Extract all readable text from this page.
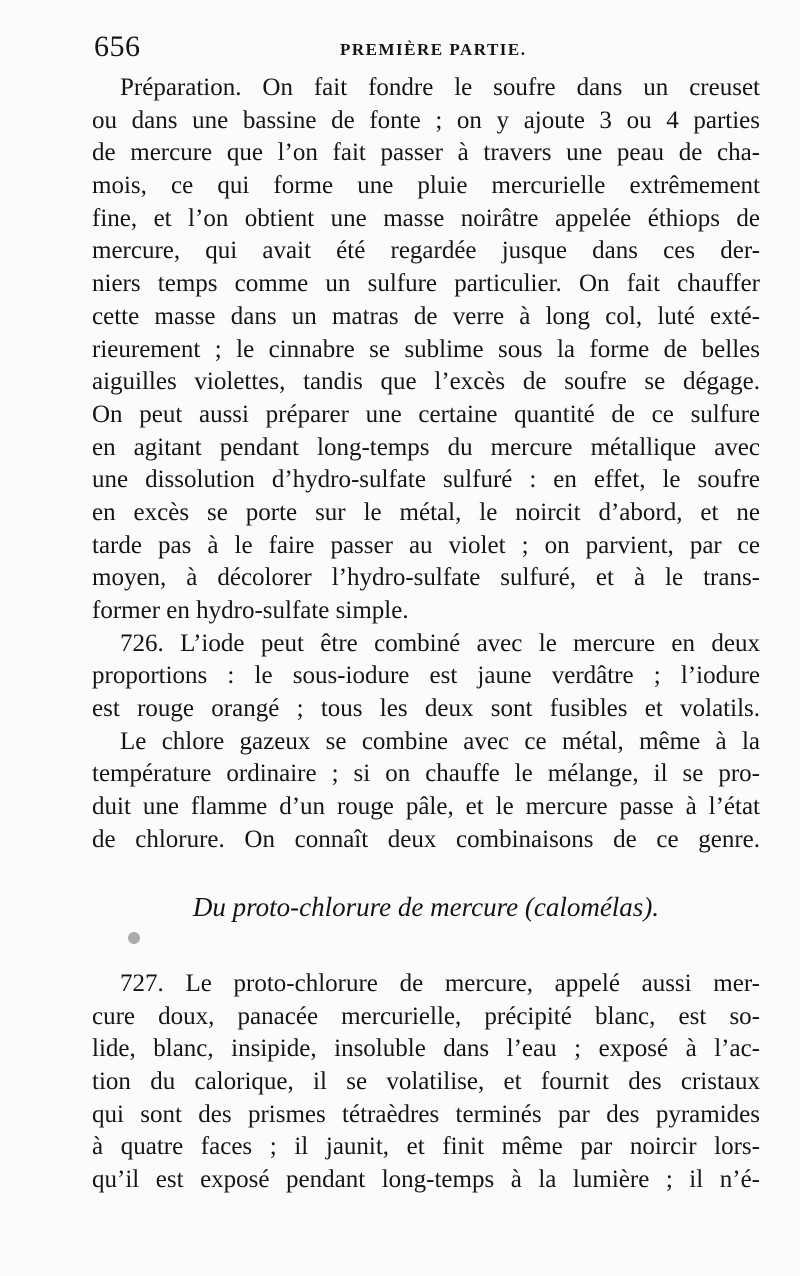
656	PREMIÈRE PARTIE.
Préparation. On fait fondre le soufre dans un creuset
ou dans une bassine de fonte ; on y ajoute 3 ou 4 parties
de mercure que l’on fait passer à travers une peau de cha-
mois, ce qui forme une pluie mercurielle extrêmement
fine, et l’on obtient une masse noirâtre appelée éthiops de
mercure, qui avait été regardée jusque dans ces der-
niers temps comme un sulfure particulier. On fait chauffer
cette masse dans un matras de verre à long col, luté exté-
rieurement ; le cinnabre se sublime sous la forme de belles
aiguilles violettes, tandis que l’excès de soufre se dégage.
On peut aussi préparer une certaine quantité de ce sulfure
en agitant pendant long-temps du mercure métallique avec
une dissolution d’hydro-sulfate sulfuré : en effet, le soufre
en excès se porte sur le métal, le noircit d’abord, et ne
tarde pas à le faire passer au violet ; on parvient, par ce
moyen, à décolorer l’hydro-sulfate sulfuré, et à le trans-
former en hydro-sulfate simple.
726. L’iode peut être combiné avec le mercure en deux
proportions : le sous-iodure est jaune verdâtre ; l’iodure
est rouge orangé ; tous les deux sont fusibles et volatils.
Le chlore gazeux se combine avec ce métal, même à la
température ordinaire ; si on chauffe le mélange, il se pro-
duit une flamme d’un rouge pâle, et le mercure passe à l’état
de chlorure. On connaît deux combinaisons de ce genre.
Du proto-chlorure de mercure (calomélas).
727. Le proto-chlorure de mercure, appelé aussi mer-
cure doux, panacée mercurielle, précipité blanc, est so-
lide, blanc, insipide, insoluble dans l’eau ; exposé à l’ac-
tion du calorique, il se volatilise, et fournit des cristaux
qui sont des prismes tétraèdres terminés par des pyramides
à quatre faces ; il jaunit, et finit même par noircir lors-
qu’il est exposé pendant long-temps à la lumière ; il n’é-
